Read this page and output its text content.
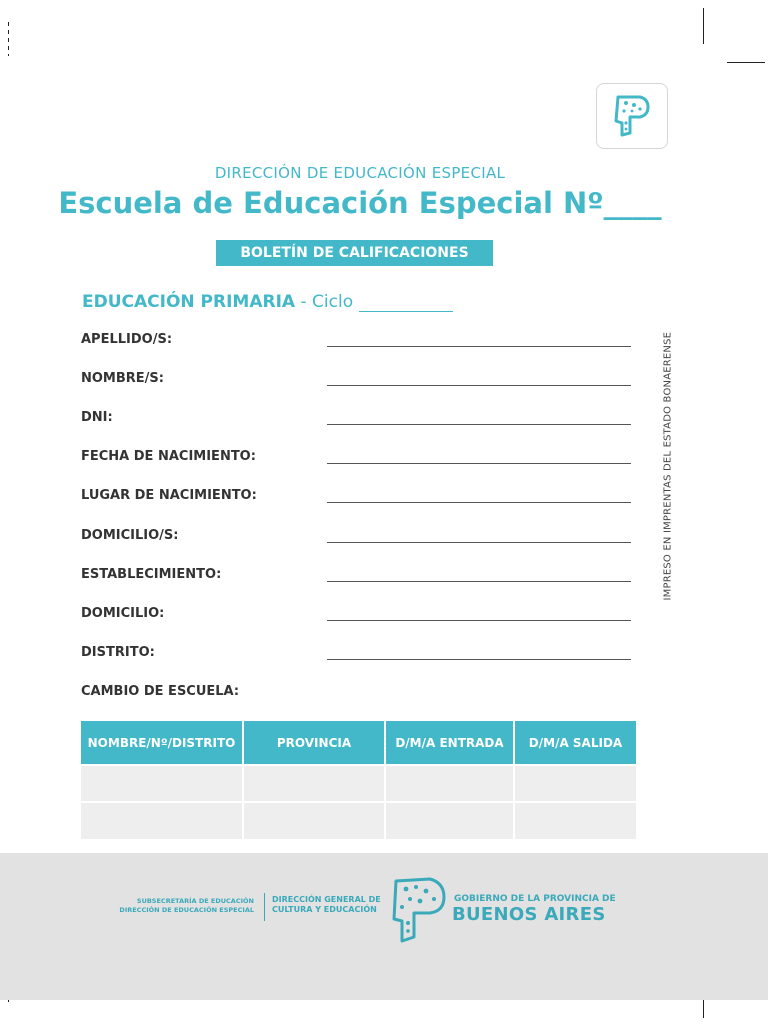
DIRECCIÓN DE EDUCACIÓN ESPECIAL
Escuela de Educación Especial Nº____
BOLETÍN DE CALIFICACIONES
EDUCACIÓN PRIMARIA - Ciclo
APELLIDO/S:
NOMBRE/S:
DNI:
FECHA DE NACIMIENTO:
LUGAR DE NACIMIENTO:
DOMICILIO/S:
ESTABLECIMIENTO:
DOMICILIO:
DISTRITO:
CAMBIO DE ESCUELA:
IMPRESO EN IMPRENTAS DEL ESTADO BONAERENSE
NOMBRE/Nº/DISTRITO	PROVINCIA	D/M/A ENTRADA	D/M/A SALIDA

SUBSECRETARÍA DE EDUCACIÓN
DIRECCIÓN DE EDUCACIÓN ESPECIAL
DIRECCIÓN GENERAL DE
CULTURA Y EDUCACIÓN
GOBIERNO DE LA PROVINCIA DE
BUENOS AIRES
